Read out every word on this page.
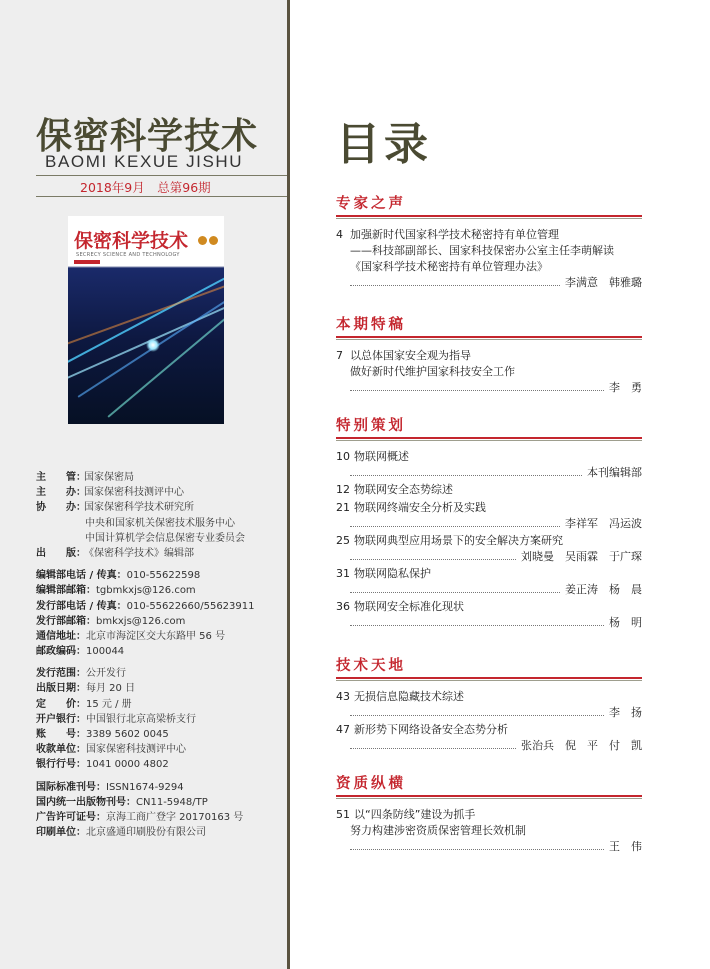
保密科学技术
BAOMI KEXUE JISHU
2018年9月　总第96期
保密科学技术
SECRECY SCIENCE AND TECHNOLOGY
主　　管：国家保密局
主　　办：国家保密科技测评中心
协　　办：国家保密科学技术研究所
中央和国家机关保密技术服务中心
中国计算机学会信息保密专业委员会
出　　版：《保密科学技术》编辑部
编辑部电话 / 传真：010-55622598
编辑部邮箱：tgbmkxjs@126.com
发行部电话 / 传真：010-55622660/55623911
发行部邮箱：bmkxjs@126.com
通信地址：北京市海淀区交大东路甲 56 号
邮政编码：100044
发行范围：公开发行
出版日期：每月 20 日
定　　价：15 元 / 册
开户银行：中国银行北京高梁桥支行
账　　号：3389 5602 0045
收款单位：国家保密科技测评中心
银行行号：1041 0000 4802
国际标准刊号：ISSN1674-9294
国内统一出版物刊号：CN11-5948/TP
广告许可证号：京海工商广登字 20170163 号
印刷单位：北京盛通印刷股份有限公司
目录
专家之声
4 加强新时代国家科学技术秘密持有单位管理
——科技部副部长、国家科技保密办公室主任李萌解读
《国家科学技术秘密持有单位管理办法》
李满意　韩雅璐
本期特稿
7 以总体国家安全观为指导
做好新时代维护国家科技安全工作
李　勇
特别策划
10 物联网概述
本刊编辑部
12 物联网安全态势综述
21 物联网终端安全分析及实践
李祥军　冯运波
25 物联网典型应用场景下的安全解决方案研究
刘晓曼　吴雨霖　于广琛
31 物联网隐私保护
姜正涛　杨　晨
36 物联网安全标准化现状
杨　明
技术天地
43 无损信息隐藏技术综述
李　扬
47 新形势下网络设备安全态势分析
张治兵　倪　平　付　凯
资质纵横
51 以“四条防线”建设为抓手
努力构建涉密资质保密管理长效机制
王　伟
